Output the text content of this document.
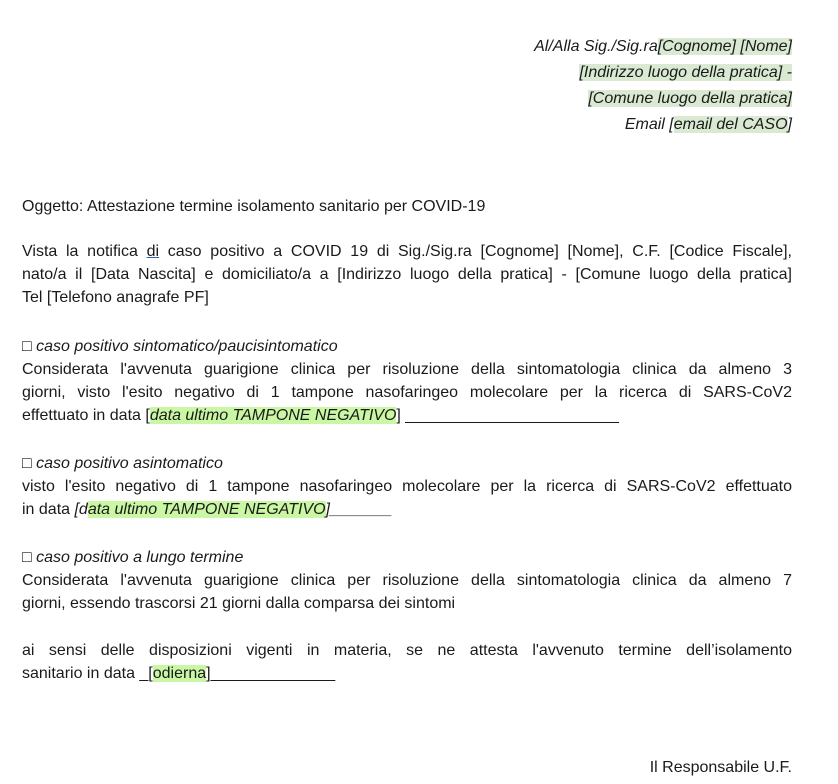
Al/Alla Sig./Sig.ra[Cognome] [Nome]
[Indirizzo luogo della pratica] -
[Comune luogo della pratica]
Email [email del CASO]
Oggetto: Attestazione termine isolamento sanitario per COVID-19
Vista la notifica di caso positivo a COVID 19 di Sig./Sig.ra [Cognome] [Nome], C.F. [Codice Fiscale],
nato/a il [Data Nascita] e domiciliato/a a [Indirizzo luogo della pratica] - [Comune luogo della pratica]
Tel [Telefono anagrafe PF]
□ caso positivo sintomatico/paucisintomatico
Considerata l'avvenuta guarigione clinica per risoluzione della sintomatologia clinica da almeno 3
giorni, visto l'esito negativo di 1 tampone nasofaringeo molecolare per la ricerca di SARS-CoV2
effettuato in data [data ultimo TAMPONE NEGATIVO] ________________________
□ caso positivo asintomatico
visto l'esito negativo di 1 tampone nasofaringeo molecolare per la ricerca di SARS-CoV2 effettuato
in data [data ultimo TAMPONE NEGATIVO]_______
□ caso positivo a lungo termine
Considerata l'avvenuta guarigione clinica per risoluzione della sintomatologia clinica da almeno 7
giorni, essendo trascorsi 21 giorni dalla comparsa dei sintomi
ai sensi delle disposizioni vigenti in materia, se ne attesta l'avvenuto termine dell’isolamento
sanitario in data _[odierna]______________
Il Responsabile U.F.
